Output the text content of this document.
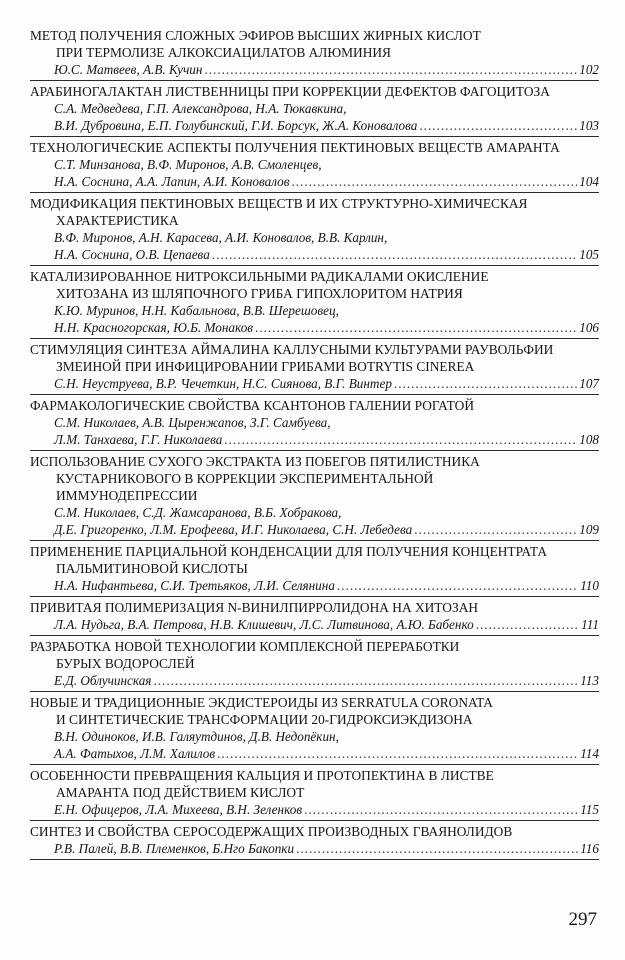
МЕТОД ПОЛУЧЕНИЯ СЛОЖНЫХ ЭФИРОВ ВЫСШИХ ЖИРНЫХ КИСЛОТ
ПРИ ТЕРМОЛИЗЕ АЛКОКСИАЦИЛАТОВ АЛЮМИНИЯ
Ю.С. Матвеев, А.В. Кучин .....	102
АРАБИНОГАЛАКТАН ЛИСТВЕННИЦЫ ПРИ КОРРЕКЦИИ ДЕФЕКТОВ ФАГОЦИТОЗА
С.А. Медведева, Г.П. Александрова, Н.А. Тюкавкина,
В.И. Дубровина, Е.П. Голубинский, Г.И. Борсук, Ж.А. Коновалова .....	103
ТЕХНОЛОГИЧЕСКИЕ АСПЕКТЫ ПОЛУЧЕНИЯ ПЕКТИНОВЫХ ВЕЩЕСТВ АМАРАНТА
С.Т. Минзанова, В.Ф. Миронов, А.В. Смоленцев,
Н.А. Соснина, А.А. Лапин, А.И. Коновалов .....	104
МОДИФИКАЦИЯ ПЕКТИНОВЫХ ВЕЩЕСТВ И ИХ СТРУКТУРНО-ХИМИЧЕСКАЯ
ХАРАКТЕРИСТИКА
В.Ф. Миронов, А.Н. Карасева, А.И. Коновалов, В.В. Карлин,
Н.А. Соснина, О.В. Цепаева .....	105
КАТАЛИЗИРОВАННОЕ НИТРОКСИЛЬНЫМИ РАДИКАЛАМИ ОКИСЛЕНИЕ
ХИТОЗАНА ИЗ ШЛЯПОЧНОГО ГРИБА ГИПОХЛОРИТОМ НАТРИЯ
К.Ю. Муринов, Н.Н. Кабальнова, В.В. Шерешовец,
Н.Н. Красногорская, Ю.Б. Монаков .....	106
СТИМУЛЯЦИЯ СИНТЕЗА АЙМАЛИНА КАЛЛУСНЫМИ КУЛЬТУРАМИ РАУВОЛЬФИИ
ЗМЕИНОЙ ПРИ ИНФИЦИРОВАНИИ ГРИБАМИ BOTRYTIS CINEREA
С.Н. Неуструева, В.Р. Чечеткин, Н.С. Сиянова, В.Г. Винтер .....	107
ФАРМАКОЛОГИЧЕСКИЕ СВОЙСТВА КСАНТОНОВ ГАЛЕНИИ РОГАТОЙ
С.М. Николаев, А.В. Цыренжапов, З.Г. Самбуева,
Л.М. Танхаева, Г.Г. Николаева .....	108
ИСПОЛЬЗОВАНИЕ СУХОГО ЭКСТРАКТА ИЗ ПОБЕГОВ ПЯТИЛИСТНИКА
КУСТАРНИКОВОГО В КОРРЕКЦИИ ЭКСПЕРИМЕНТАЛЬНОЙ
ИММУНОДЕПРЕССИИ
С.М. Николаев, С.Д. Жамсаранова, В.Б. Хобракова,
Д.Е. Григоренко, Л.М. Ерофеева, И.Г. Николаева, С.Н. Лебедева .....	109
ПРИМЕНЕНИЕ ПАРЦИАЛЬНОЙ КОНДЕНСАЦИИ ДЛЯ ПОЛУЧЕНИЯ КОНЦЕНТРАТА
ПАЛЬМИТИНОВОЙ КИСЛОТЫ
Н.А. Нифантьева, С.И. Третьяков, Л.И. Селянина .....	110
ПРИВИТАЯ ПОЛИМЕРИЗАЦИЯ N-ВИНИЛПИРРОЛИДОНА НА ХИТОЗАН
Л.А. Нудьга, В.А. Петрова, Н.В. Клишевич, Л.С. Литвинова, А.Ю. Бабенко .....	111
РАЗРАБОТКА НОВОЙ ТЕХНОЛОГИИ КОМПЛЕКСНОЙ ПЕРЕРАБОТКИ
БУРЫХ ВОДОРОСЛЕЙ
Е.Д. Облучинская .....	113
НОВЫЕ И ТРАДИЦИОННЫЕ ЭКДИСТЕРОИДЫ ИЗ SERRATULA CORONATA
И СИНТЕТИЧЕСКИЕ ТРАНСФОРМАЦИИ 20-ГИДРОКСИЭКДИЗОНА
В.Н. Одиноков, И.В. Галяутдинов, Д.В. Недопёкин,
А.А. Фатыхов, Л.М. Халилов .....	114
ОСОБЕННОСТИ ПРЕВРАЩЕНИЯ КАЛЬЦИЯ И ПРОТОПЕКТИНА В ЛИСТВЕ
АМАРАНТА ПОД ДЕЙСТВИЕМ КИСЛОТ
Е.Н. Офицеров, Л.А. Михеева, В.Н. Зеленков .....	115
СИНТЕЗ И СВОЙСТВА СЕРОСОДЕРЖАЩИХ ПРОИЗВОДНЫХ ГВАЯНОЛИДОВ
Р.В. Палей, В.В. Племенков, Б.Нго Бакопки .....	116
297
